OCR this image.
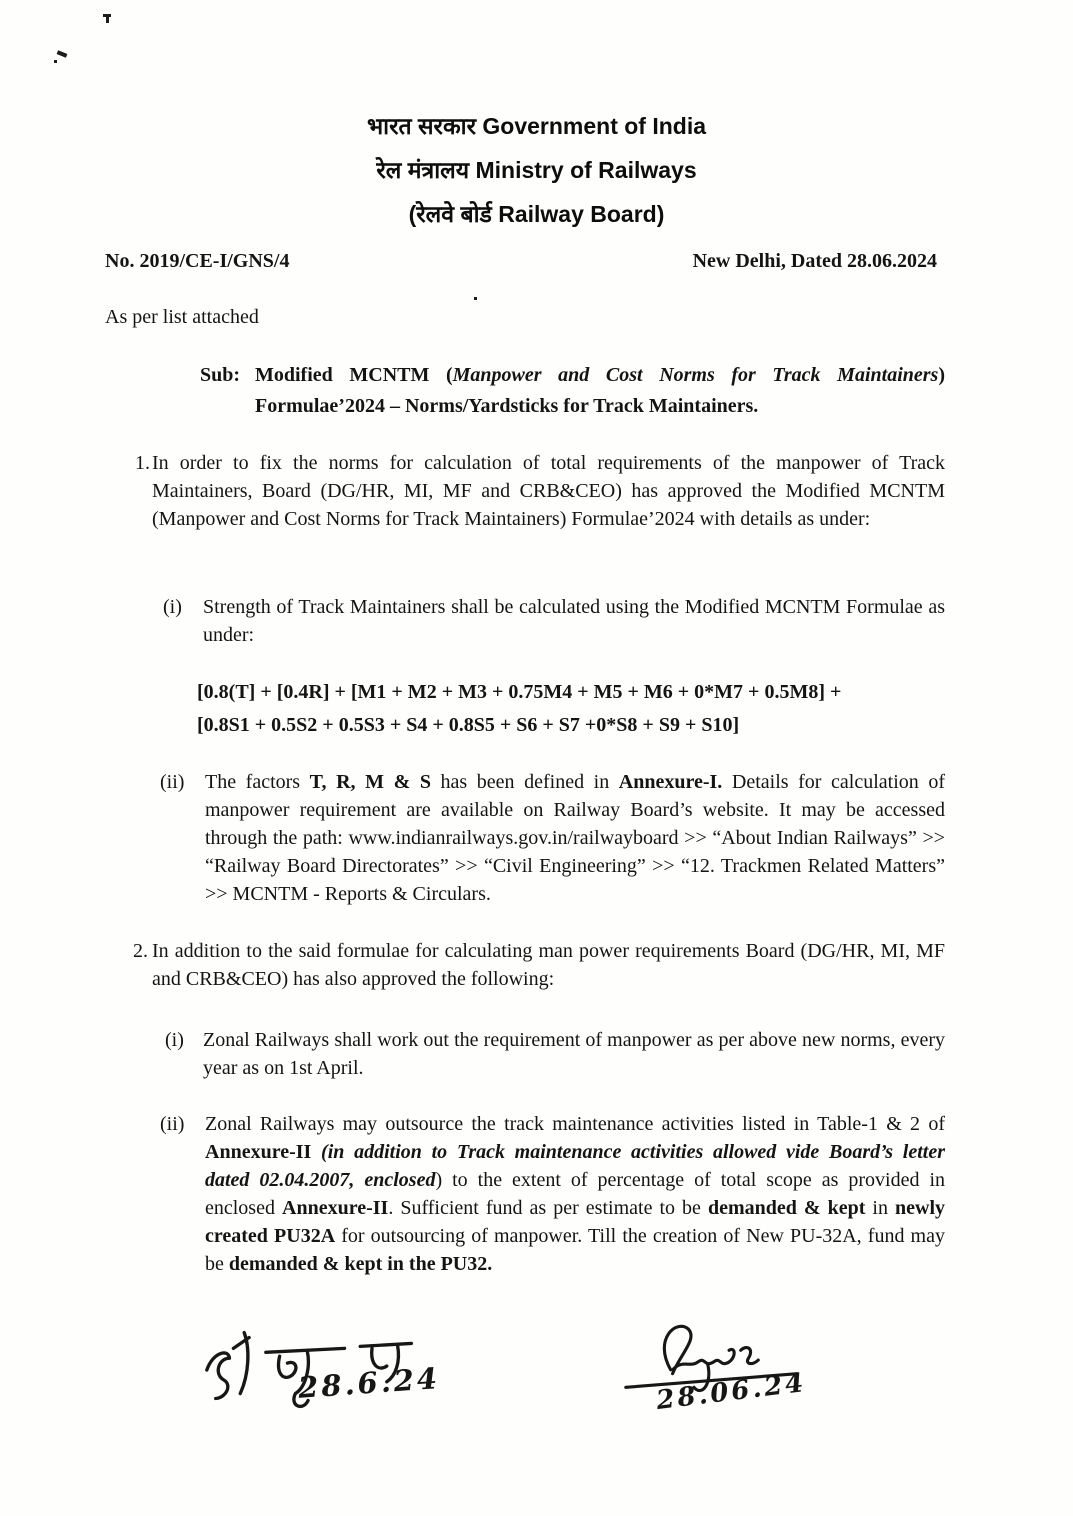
भारत सरकार Government of India
रेल मंत्रालय Ministry of Railways
(रेलवे बोर्ड Railway Board)
No. 2019/CE-I/GNS/4	New Delhi, Dated 28.06.2024
As per list attached
Sub: Modified MCNTM (Manpower and Cost Norms for Track Maintainers) Formulae’2024 – Norms/Yardsticks for Track Maintainers.
1. In order to fix the norms for calculation of total requirements of the manpower of Track Maintainers, Board (DG/HR, MI, MF and CRB&CEO) has approved the Modified MCNTM (Manpower and Cost Norms for Track Maintainers) Formulae’2024 with details as under:
(i)	Strength of Track Maintainers shall be calculated using the Modified MCNTM Formulae as under:
[0.8(T] + [0.4R] + [M1 + M2 + M3 + 0.75M4 + M5 + M6 + 0*M7 + 0.5M8] +
[0.8S1 + 0.5S2 + 0.5S3 + S4 + 0.8S5 + S6 + S7 +0*S8 + S9 + S10]
(ii)	The factors T, R, M & S has been defined in Annexure-I. Details for calculation of manpower requirement are available on Railway Board’s website. It may be accessed through the path: www.indianrailways.gov.in/railwayboard >> “About Indian Railways” >> “Railway Board Directorates” >> “Civil Engineering” >> “12. Trackmen Related Matters” >> MCNTM - Reports & Circulars.
2. In addition to the said formulae for calculating man power requirements Board (DG/HR, MI, MF and CRB&CEO) has also approved the following:
(i) Zonal Railways shall work out the requirement of manpower as per above new norms, every year as on 1st April.
(ii)	Zonal Railways may outsource the track maintenance activities listed in Table-1 & 2 of Annexure-II (in addition to Track maintenance activities allowed vide Board’s letter dated 02.04.2007, enclosed) to the extent of percentage of total scope as provided in enclosed Annexure-II. Sufficient fund as per estimate to be demanded & kept in newly created PU32A for outsourcing of manpower. Till the creation of New PU-32A, fund may be demanded & kept in the PU32.
28.6.24	28.06.24
